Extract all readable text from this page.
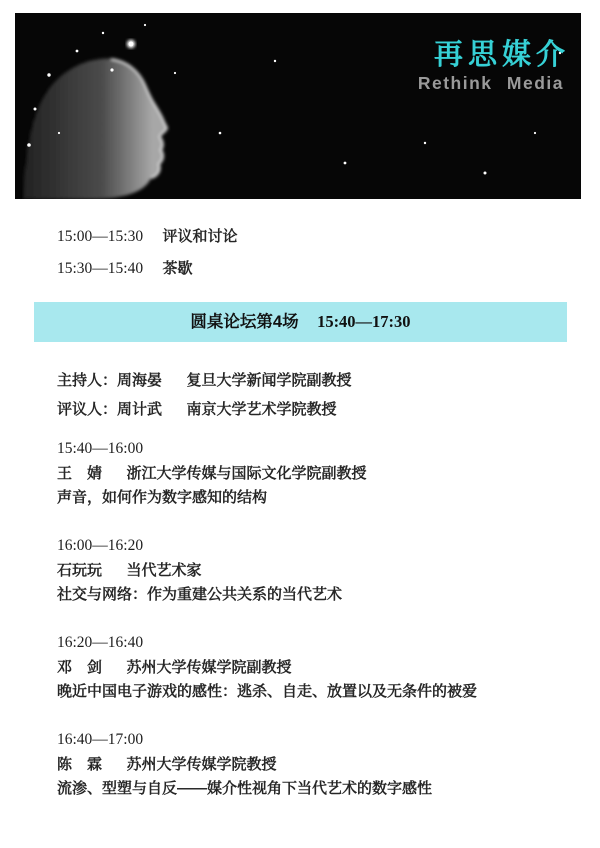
再思媒介
Rethink Media
15:00—15:30 评议和讨论
15:30—15:40 茶歇
圆桌论坛第4场 15:40—17:30
主持人：周海晏 复旦大学新闻学院副教授
评议人：周计武 南京大学艺术学院教授
15:40—16:00
王　婧 浙江大学传媒与国际文化学院副教授
声音，如何作为数字感知的结构
16:00—16:20
石玩玩 当代艺术家
社交与网络：作为重建公共关系的当代艺术
16:20—16:40
邓　剑 苏州大学传媒学院副教授
晚近中国电子游戏的感性：逃杀、自走、放置以及无条件的被爱
16:40—17:00
陈　霖 苏州大学传媒学院教授
流渗、型塑与自反——媒介性视角下当代艺术的数字感性
